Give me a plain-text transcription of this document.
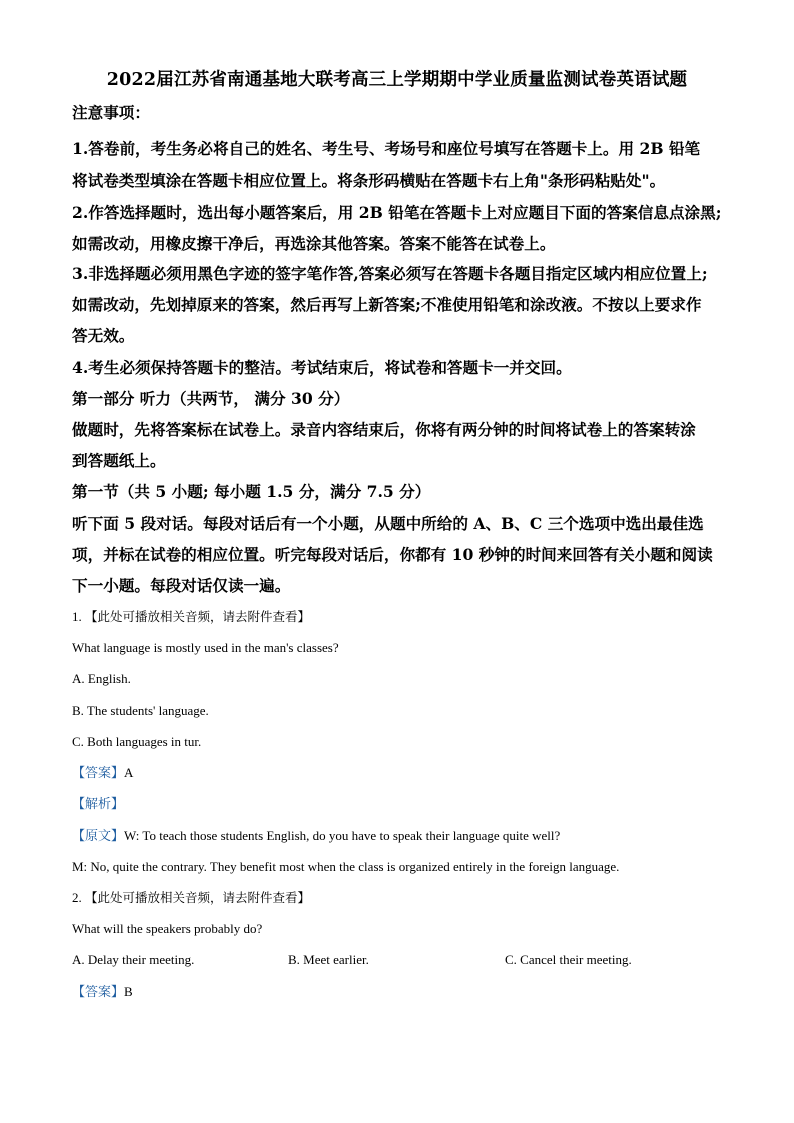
2022届江苏省南通基地大联考高三上学期期中学业质量监测试卷英语试题
注意事项：
1.答卷前，考生务必将自己的姓名、考生号、考场号和座位号填写在答题卡上。用 2B 铅笔
将试卷类型填涂在答题卡相应位置上。将条形码横贴在答题卡右上角"条形码粘贴处"。
2.作答选择题时，选出每小题答案后，用 2B 铅笔在答题卡上对应题目下面的答案信息点涂黑;
如需改动，用橡皮擦干净后，再选涂其他答案。答案不能答在试卷上。
3.非选择题必须用黑色字迹的签字笔作答,答案必须写在答题卡各题目指定区域内相应位置上;
如需改动，先划掉原来的答案，然后再写上新答案;不准使用铅笔和涂改液。不按以上要求作
答无效。
4.考生必须保持答题卡的整洁。考试结束后，将试卷和答题卡一并交回。
第一部分 听力（共两节， 满分 30 分）
做题时，先将答案标在试卷上。录音内容结束后，你将有两分钟的时间将试卷上的答案转涂
到答题纸上。
第一节（共 5 小题; 每小题 1.5 分，满分 7.5 分）
听下面 5 段对话。每段对话后有一个小题，从题中所给的 A、B、C 三个选项中选出最佳选
项，并标在试卷的相应位置。听完每段对话后，你都有 10 秒钟的时间来回答有关小题和阅读
下一小题。每段对话仅读一遍。
1. 【此处可播放相关音频，请去附件查看】
What language is mostly used in the man's classes?
A. English.
B. The students' language.
C. Both languages in tur.
【答案】A
【解析】
【原文】W: To teach those students English, do you have to speak their language quite well?
M: No, quite the contrary. They benefit most when the class is organized entirely in the foreign language.
2. 【此处可播放相关音频，请去附件查看】
What will the speakers probably do?
A. Delay their meeting.	B. Meet earlier.	C. Cancel their meeting.
【答案】B
